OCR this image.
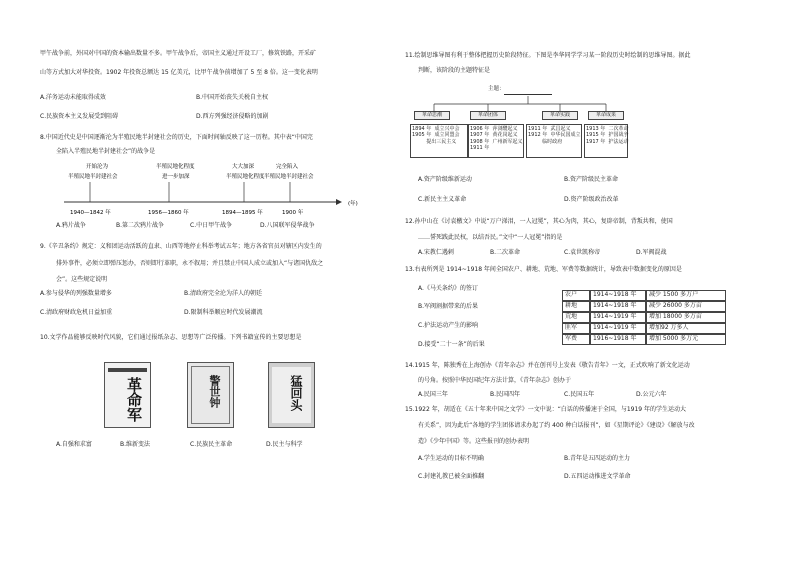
甲午战争前，外国对中国的资本输出数量不多。甲午战争后，帝国主义通过开设工厂，修筑铁路，开采矿
山等方式加大对华投资。1902 年投资总额达 15 亿美元，比甲午战争前增加了 5 至 8 倍。这一变化表明
A.洋务运动未能取得成效	B.中国开始丧失关税自主权
C.民族资本主义发展受到阻碍	D.西方列强经济侵略的加剧
8.中国近代史是中国逐渐沦为半殖民地半封建社会的历史，下面时间轴反映了这一历程。其中表“中国完
全陷入半殖民地半封建社会”的战争是
开始沦为
半殖民地半封建社会
半殖民地化程度
进一步加深
大大加深
半殖民地化程度
完全陷入
半殖民地半封建社会
1940—1842 年	1956—1860 年	1894—1895 年	1900 年
(年)
A.鸦片战争	B.第二次鸦片战争	C.中日甲午战争	D.八国联军侵华战争
9.《辛丑条约》规定：义和团运动活跃的直隶、山西等地停止科举考试五年；地方各省官员对辖区内发生的
排外事件，必须立即弹压惩办，否则即行革职，永不叙用；并且禁止中国人成立或加入“与诸国仇敌之
会”。这些规定说明
A.参与侵华的列强数量增多	B.清政府完全沦为洋人的朝廷
C.清政府财政危机日益加重	D.限制科举顺应时代发展潮流
10.文学作品能够反映时代风貌，它们通过报纸杂志、思想等广泛传播。下列书籍宣传的主要思想是
革命军	警世钟	猛回头
A.自强和求富	B.维新变法	C.民族民主革命	D.民主与科学
11.绘制思维导图有利于整体把握历史阶段特征。下图是李华同学学习某一阶段历史时绘制的思维导图。据此
判断，该阶段的主题特征是
主题：
革命思潮	革命团体	革命实践	革命成果
1894 年  成立兴中会
1905 年  成立同盟会
提出三民主义
1906 年  萍浏醴起义
1907 年  黄花岗起义
1908 年  广州新军起义
1911 年
1911 年  武昌起义
1912 年  中华民国成立
临时政府
1913 年  二次革命
1915 年  护国战争
1917 年  护法运动
A.资产阶级维新运动	B.资产阶级民主革命
C.新民主主义革命	D.资产阶级政治改革
12.孙中山在《讨袁檄文》中说“万户涕泪，一人冠冕”，其心为肉，其心，复辟帝制，背叛共和，使国
……誓死践此民权，以结吾民。”文中“一人冠冕”指的是
A.宋教仁遇刺	B.二次革命	C.袁世凯称帝	D.军阀混战
13.右表所列是 1914~1918 年间全国农户、耕地、荒地、军费等数据统计，导致表中数据变化的原因是
A.《马关条约》的签订
B.军阀割据带来的后果
C.护法运动产生的影响
D.接受“二十一条”的后果
农户	1914~1918 年	减少 1500 多万户
耕地	1914~1918 年	减少 26000 多万亩
荒地	1914~1919 年	增加 18000 多万亩
匪军	1914~1919 年	增加92 万多人
军费	1916~1918 年	增加 5000 多万元
14.1915 年，陈独秀在上海创办《青年杂志》并在创刊号上发表《敬告青年》一文，正式吹响了新文化运动
的号角。按照中华民国纪年方法计算，《青年杂志》创办于
A.民国三年	B.民国四年	C.民国五年	D.公元六年
15.1922 年，胡适在《五十年来中国之文学》一文中说：“白话的传播速于全国，与1919 年的学生运动大
有关系”，因为此后“各地的学生团体请求办起了约 400 种白话报刊”，如《星期评论》《建设》《解放与改
造》《少年中国》等。这些报刊的创办表明
A.学生运动的目标不明确	B.青年是五四运动的主力
C.封建礼教已被全面推翻	D.五四运动推进文学革命
